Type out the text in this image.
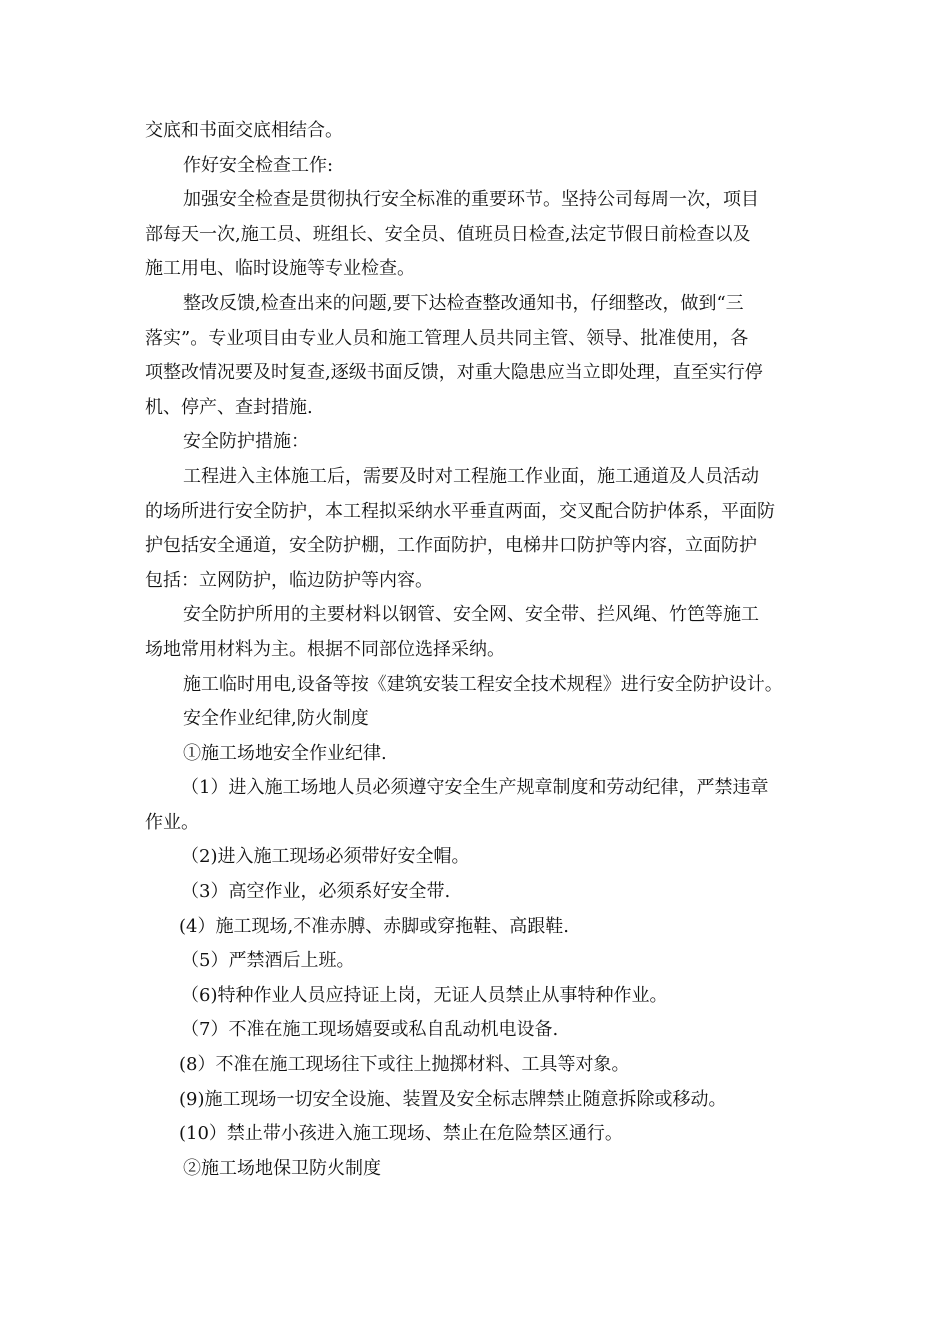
交底和书面交底相结合。
作好安全检查工作:
加强安全检查是贯彻执行安全标准的重要环节。坚持公司每周一次，项目
部每天一次,施工员、班组长、安全员、值班员日检查,法定节假日前检查以及
施工用电、临时设施等专业检查。
整改反馈,检查出来的问题,要下达检查整改通知书，仔细整改，做到“三
落实”。专业项目由专业人员和施工管理人员共同主管、领导、批准使用，各
项整改情况要及时复查,逐级书面反馈，对重大隐患应当立即处理，直至实行停
机、停产、查封措施.
安全防护措施：
工程进入主体施工后，需要及时对工程施工作业面，施工通道及人员活动
的场所进行安全防护，本工程拟采纳水平垂直两面，交叉配合防护体系，平面防
护包括安全通道，安全防护棚，工作面防护，电梯井口防护等内容，立面防护
包括：立网防护，临边防护等内容。
安全防护所用的主要材料以钢管、安全网、安全带、拦风绳、竹笆等施工
场地常用材料为主。根据不同部位选择采纳。
施工临时用电,设备等按《建筑安装工程安全技术规程》进行安全防护设计。
安全作业纪律,防火制度
①施工场地安全作业纪律.
（1）进入施工场地人员必须遵守安全生产规章制度和劳动纪律，严禁违章
作业。
（2)进入施工现场必须带好安全帽。
（3）高空作业，必须系好安全带.
(4）施工现场,不准赤膊、赤脚或穿拖鞋、高跟鞋.
（5）严禁酒后上班。
（6)特种作业人员应持证上岗，无证人员禁止从事特种作业。
（7）不准在施工现场嬉耍或私自乱动机电设备.
(8）不准在施工现场往下或往上抛掷材料、工具等对象。
(9)施工现场一切安全设施、装置及安全标志牌禁止随意拆除或移动。
(10）禁止带小孩进入施工现场、禁止在危险禁区通行。
②施工场地保卫防火制度
